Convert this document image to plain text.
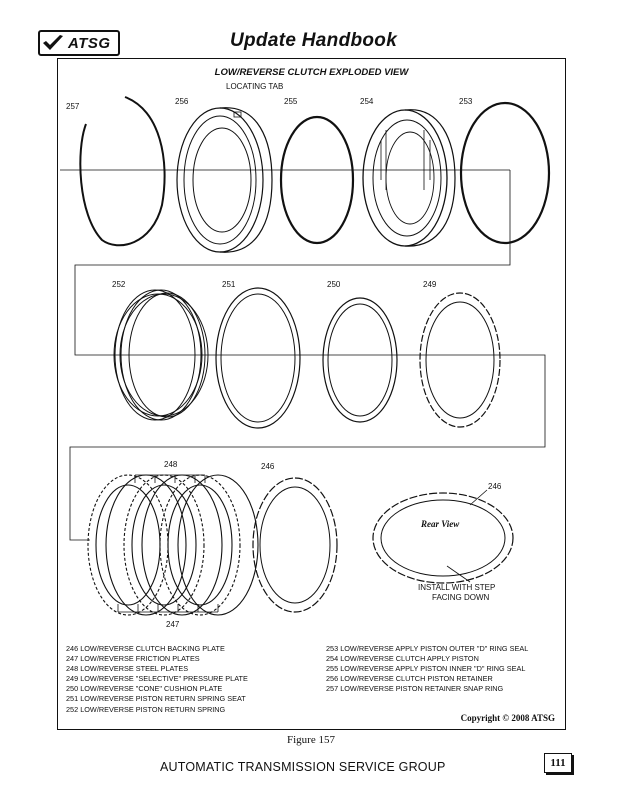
ATSG	Update Handbook
LOW/REVERSE CLUTCH EXPLODED VIEW
246 LOW/REVERSE CLUTCH BACKING PLATE
247 LOW/REVERSE FRICTION PLATES
248 LOW/REVERSE STEEL PLATES
249 LOW/REVERSE "SELECTIVE" PRESSURE PLATE
250 LOW/REVERSE "CONE" CUSHION PLATE
251 LOW/REVERSE PISTON RETURN SPRING SEAT
252 LOW/REVERSE PISTON RETURN SPRING
253 LOW/REVERSE APPLY PISTON OUTER "D" RING SEAL
254 LOW/REVERSE CLUTCH APPLY PISTON
255 LOW/REVERSE APPLY PISTON INNER "D" RING SEAL
256 LOW/REVERSE CLUTCH PISTON RETAINER
257 LOW/REVERSE PISTON RETAINER SNAP RING
Copyright © 2008 ATSG
257
256
LOCATING TAB
255	254	253
252	251	250	249
248	246
246
247
Rear View
INSTALL WITH STEP
FACING DOWN
Figure 157
AUTOMATIC TRANSMISSION SERVICE GROUP	111
